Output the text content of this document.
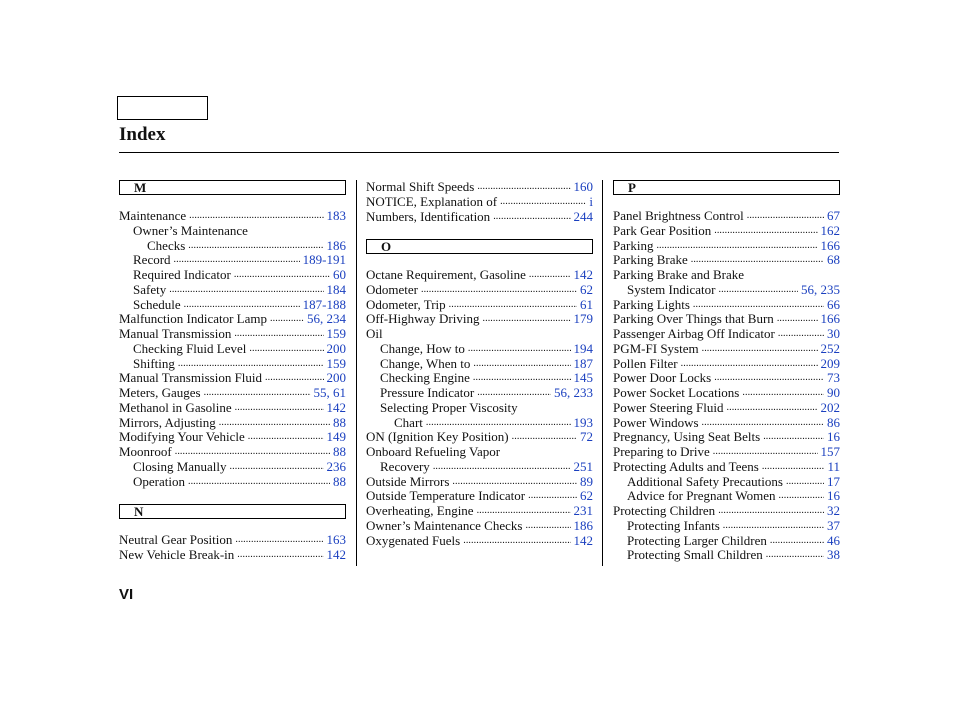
Index
M
Maintenance . . .	183
Owner’s Maintenance
Checks . . .	186
Record . . .	189-191
Required Indicator . . .	60
Safety . . .	184
Schedule . . .	187-188
Malfunction Indicator Lamp . . .	56, 234
Manual Transmission . . .	159
Checking Fluid Level . . .	200
Shifting . . .	159
Manual Transmission Fluid . . .	200
Meters, Gauges . . .	55, 61
Methanol in Gasoline . . .	142
Mirrors, Adjusting . . .	88
Modifying Your Vehicle . . .	149
Moonroof . . .	88
Closing Manually . . .	236
Operation . . .	88
N
Neutral Gear Position . . .	163
New Vehicle Break-in . . .	142
Normal Shift Speeds . . .	160
NOTICE, Explanation of . . .	i
Numbers, Identification . . .	244
O
Octane Requirement, Gasoline . . .	142
Odometer . . .	62
Odometer, Trip . . .	61
Off-Highway Driving . . .	179
Oil
Change, How to . . .	194
Change, When to . . .	187
Checking Engine . . .	145
Pressure Indicator . . .	56, 233
Selecting Proper Viscosity
Chart . . .	193
ON (Ignition Key Position) . . .	72
Onboard Refueling Vapor
Recovery . . .	251
Outside Mirrors . . .	89
Outside Temperature Indicator . . .	62
Overheating, Engine . . .	231
Owner’s Maintenance Checks . . .	186
Oxygenated Fuels . . .	142
P
Panel Brightness Control . . .	67
Park Gear Position . . .	162
Parking . . .	166
Parking Brake . . .	68
Parking Brake and Brake
System Indicator . . .	56, 235
Parking Lights . . .	66
Parking Over Things that Burn . . .	166
Passenger Airbag Off Indicator . . .	30
PGM-FI System . . .	252
Pollen Filter . . .	209
Power Door Locks . . .	73
Power Socket Locations . . .	90
Power Steering Fluid . . .	202
Power Windows . . .	86
Pregnancy, Using Seat Belts . . .	16
Preparing to Drive . . .	157
Protecting Adults and Teens . . .	11
Additional Safety Precautions . . .	17
Advice for Pregnant Women . . .	16
Protecting Children . . .	32
Protecting Infants . . .	37
Protecting Larger Children . . .	46
Protecting Small Children . . .	38
VI
